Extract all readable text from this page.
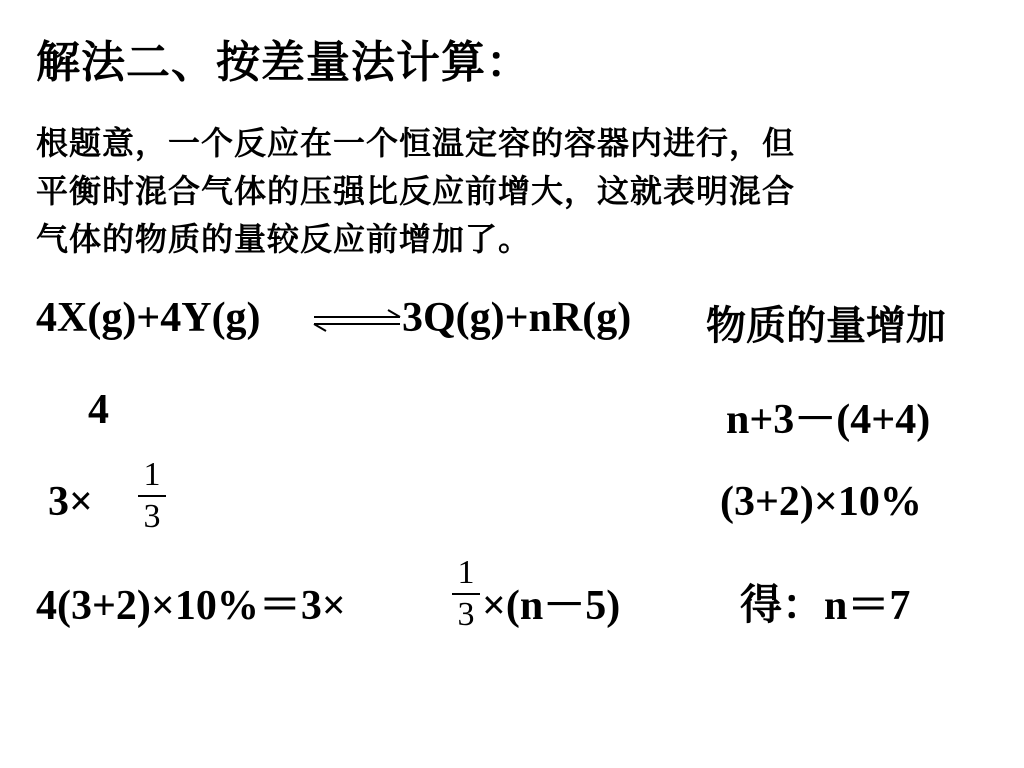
解法二、按差量法计算：
根题意，一个反应在一个恒温定容的容器内进行，但
平衡时混合气体的压强比反应前增大，这就表明混合
气体的物质的量较反应前增加了。
4X(g)+4Y(g)	3Q(g)+nR(g) 物质的量增加
4	n+3－(4+4)
3×
1
3	(3+2)×10%
4(3+2)×10%＝3×
1
3 ×(n－5)	得：n＝7
